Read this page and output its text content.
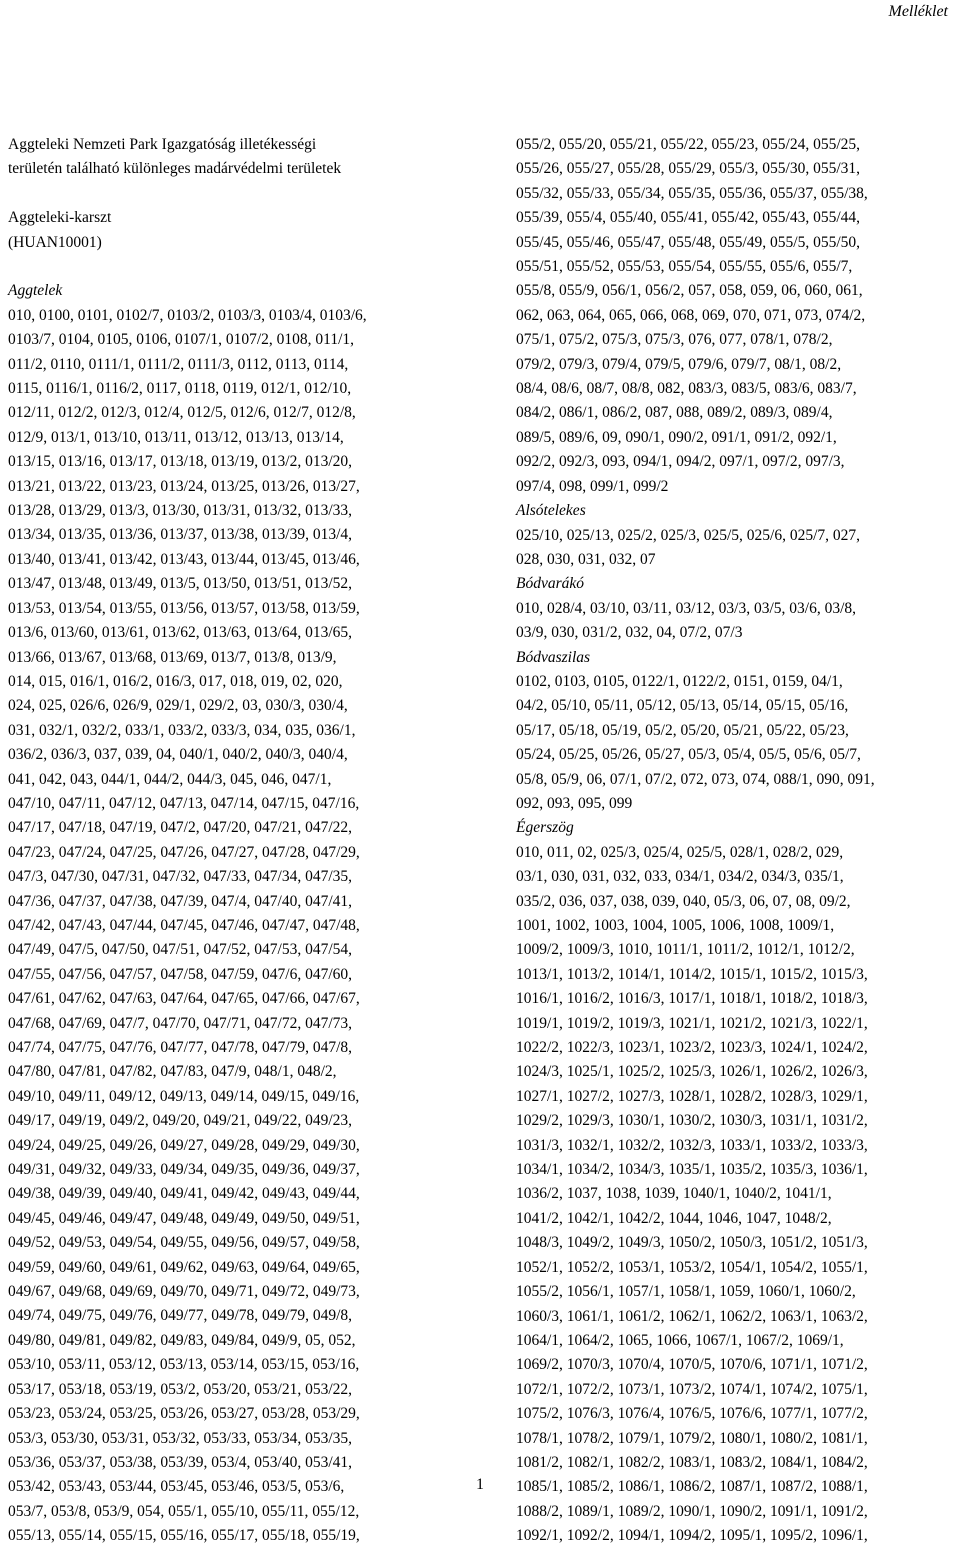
Melléklet
Aggteleki Nemzeti Park Igazgatóság illetékességi
területén található különleges madárvédelmi területek
Aggteleki-karszt
(HUAN10001)
Aggtelek
010, 0100, 0101, 0102/7, 0103/2, 0103/3, 0103/4, 0103/6,
0103/7, 0104, 0105, 0106, 0107/1, 0107/2, 0108, 011/1,
011/2, 0110, 0111/1, 0111/2, 0111/3, 0112, 0113, 0114,
0115, 0116/1, 0116/2, 0117, 0118, 0119, 012/1, 012/10,
012/11, 012/2, 012/3, 012/4, 012/5, 012/6, 012/7, 012/8,
012/9, 013/1, 013/10, 013/11, 013/12, 013/13, 013/14,
013/15, 013/16, 013/17, 013/18, 013/19, 013/2, 013/20,
013/21, 013/22, 013/23, 013/24, 013/25, 013/26, 013/27,
013/28, 013/29, 013/3, 013/30, 013/31, 013/32, 013/33,
013/34, 013/35, 013/36, 013/37, 013/38, 013/39, 013/4,
013/40, 013/41, 013/42, 013/43, 013/44, 013/45, 013/46,
013/47, 013/48, 013/49, 013/5, 013/50, 013/51, 013/52,
013/53, 013/54, 013/55, 013/56, 013/57, 013/58, 013/59,
013/6, 013/60, 013/61, 013/62, 013/63, 013/64, 013/65,
013/66, 013/67, 013/68, 013/69, 013/7, 013/8, 013/9,
014, 015, 016/1, 016/2, 016/3, 017, 018, 019, 02, 020,
024, 025, 026/6, 026/9, 029/1, 029/2, 03, 030/3, 030/4,
031, 032/1, 032/2, 033/1, 033/2, 033/3, 034, 035, 036/1,
036/2, 036/3, 037, 039, 04, 040/1, 040/2, 040/3, 040/4,
041, 042, 043, 044/1, 044/2, 044/3, 045, 046, 047/1,
047/10, 047/11, 047/12, 047/13, 047/14, 047/15, 047/16,
047/17, 047/18, 047/19, 047/2, 047/20, 047/21, 047/22,
047/23, 047/24, 047/25, 047/26, 047/27, 047/28, 047/29,
047/3, 047/30, 047/31, 047/32, 047/33, 047/34, 047/35,
047/36, 047/37, 047/38, 047/39, 047/4, 047/40, 047/41,
047/42, 047/43, 047/44, 047/45, 047/46, 047/47, 047/48,
047/49, 047/5, 047/50, 047/51, 047/52, 047/53, 047/54,
047/55, 047/56, 047/57, 047/58, 047/59, 047/6, 047/60,
047/61, 047/62, 047/63, 047/64, 047/65, 047/66, 047/67,
047/68, 047/69, 047/7, 047/70, 047/71, 047/72, 047/73,
047/74, 047/75, 047/76, 047/77, 047/78, 047/79, 047/8,
047/80, 047/81, 047/82, 047/83, 047/9, 048/1, 048/2,
049/10, 049/11, 049/12, 049/13, 049/14, 049/15, 049/16,
049/17, 049/19, 049/2, 049/20, 049/21, 049/22, 049/23,
049/24, 049/25, 049/26, 049/27, 049/28, 049/29, 049/30,
049/31, 049/32, 049/33, 049/34, 049/35, 049/36, 049/37,
049/38, 049/39, 049/40, 049/41, 049/42, 049/43, 049/44,
049/45, 049/46, 049/47, 049/48, 049/49, 049/50, 049/51,
049/52, 049/53, 049/54, 049/55, 049/56, 049/57, 049/58,
049/59, 049/60, 049/61, 049/62, 049/63, 049/64, 049/65,
049/67, 049/68, 049/69, 049/70, 049/71, 049/72, 049/73,
049/74, 049/75, 049/76, 049/77, 049/78, 049/79, 049/8,
049/80, 049/81, 049/82, 049/83, 049/84, 049/9, 05, 052,
053/10, 053/11, 053/12, 053/13, 053/14, 053/15, 053/16,
053/17, 053/18, 053/19, 053/2, 053/20, 053/21, 053/22,
053/23, 053/24, 053/25, 053/26, 053/27, 053/28, 053/29,
053/3, 053/30, 053/31, 053/32, 053/33, 053/34, 053/35,
053/36, 053/37, 053/38, 053/39, 053/4, 053/40, 053/41,
053/42, 053/43, 053/44, 053/45, 053/46, 053/5, 053/6,
053/7, 053/8, 053/9, 054, 055/1, 055/10, 055/11, 055/12,
055/13, 055/14, 055/15, 055/16, 055/17, 055/18, 055/19,
055/2, 055/20, 055/21, 055/22, 055/23, 055/24, 055/25,
055/26, 055/27, 055/28, 055/29, 055/3, 055/30, 055/31,
055/32, 055/33, 055/34, 055/35, 055/36, 055/37, 055/38,
055/39, 055/4, 055/40, 055/41, 055/42, 055/43, 055/44,
055/45, 055/46, 055/47, 055/48, 055/49, 055/5, 055/50,
055/51, 055/52, 055/53, 055/54, 055/55, 055/6, 055/7,
055/8, 055/9, 056/1, 056/2, 057, 058, 059, 06, 060, 061,
062, 063, 064, 065, 066, 068, 069, 070, 071, 073, 074/2,
075/1, 075/2, 075/3, 075/3, 076, 077, 078/1, 078/2,
079/2, 079/3, 079/4, 079/5, 079/6, 079/7, 08/1, 08/2,
08/4, 08/6, 08/7, 08/8, 082, 083/3, 083/5, 083/6, 083/7,
084/2, 086/1, 086/2, 087, 088, 089/2, 089/3, 089/4,
089/5, 089/6, 09, 090/1, 090/2, 091/1, 091/2, 092/1,
092/2, 092/3, 093, 094/1, 094/2, 097/1, 097/2, 097/3,
097/4, 098, 099/1, 099/2
Alsótelekes
025/10, 025/13, 025/2, 025/3, 025/5, 025/6, 025/7, 027,
028, 030, 031, 032, 07
Bódvarákó
010, 028/4, 03/10, 03/11, 03/12, 03/3, 03/5, 03/6, 03/8,
03/9, 030, 031/2, 032, 04, 07/2, 07/3
Bódvaszilas
0102, 0103, 0105, 0122/1, 0122/2, 0151, 0159, 04/1,
04/2, 05/10, 05/11, 05/12, 05/13, 05/14, 05/15, 05/16,
05/17, 05/18, 05/19, 05/2, 05/20, 05/21, 05/22, 05/23,
05/24, 05/25, 05/26, 05/27, 05/3, 05/4, 05/5, 05/6, 05/7,
05/8, 05/9, 06, 07/1, 07/2, 072, 073, 074, 088/1, 090, 091,
092, 093, 095, 099
Égerszög
010, 011, 02, 025/3, 025/4, 025/5, 028/1, 028/2, 029,
03/1, 030, 031, 032, 033, 034/1, 034/2, 034/3, 035/1,
035/2, 036, 037, 038, 039, 040, 05/3, 06, 07, 08, 09/2,
1001, 1002, 1003, 1004, 1005, 1006, 1008, 1009/1,
1009/2, 1009/3, 1010, 1011/1, 1011/2, 1012/1, 1012/2,
1013/1, 1013/2, 1014/1, 1014/2, 1015/1, 1015/2, 1015/3,
1016/1, 1016/2, 1016/3, 1017/1, 1018/1, 1018/2, 1018/3,
1019/1, 1019/2, 1019/3, 1021/1, 1021/2, 1021/3, 1022/1,
1022/2, 1022/3, 1023/1, 1023/2, 1023/3, 1024/1, 1024/2,
1024/3, 1025/1, 1025/2, 1025/3, 1026/1, 1026/2, 1026/3,
1027/1, 1027/2, 1027/3, 1028/1, 1028/2, 1028/3, 1029/1,
1029/2, 1029/3, 1030/1, 1030/2, 1030/3, 1031/1, 1031/2,
1031/3, 1032/1, 1032/2, 1032/3, 1033/1, 1033/2, 1033/3,
1034/1, 1034/2, 1034/3, 1035/1, 1035/2, 1035/3, 1036/1,
1036/2, 1037, 1038, 1039, 1040/1, 1040/2, 1041/1,
1041/2, 1042/1, 1042/2, 1044, 1046, 1047, 1048/2,
1048/3, 1049/2, 1049/3, 1050/2, 1050/3, 1051/2, 1051/3,
1052/1, 1052/2, 1053/1, 1053/2, 1054/1, 1054/2, 1055/1,
1055/2, 1056/1, 1057/1, 1058/1, 1059, 1060/1, 1060/2,
1060/3, 1061/1, 1061/2, 1062/1, 1062/2, 1063/1, 1063/2,
1064/1, 1064/2, 1065, 1066, 1067/1, 1067/2, 1069/1,
1069/2, 1070/3, 1070/4, 1070/5, 1070/6, 1071/1, 1071/2,
1072/1, 1072/2, 1073/1, 1073/2, 1074/1, 1074/2, 1075/1,
1075/2, 1076/3, 1076/4, 1076/5, 1076/6, 1077/1, 1077/2,
1078/1, 1078/2, 1079/1, 1079/2, 1080/1, 1080/2, 1081/1,
1081/2, 1082/1, 1082/2, 1083/1, 1083/2, 1084/1, 1084/2,
1085/1, 1085/2, 1086/1, 1086/2, 1087/1, 1087/2, 1088/1,
1088/2, 1089/1, 1089/2, 1090/1, 1090/2, 1091/1, 1091/2,
1092/1, 1092/2, 1094/1, 1094/2, 1095/1, 1095/2, 1096/1,
1
